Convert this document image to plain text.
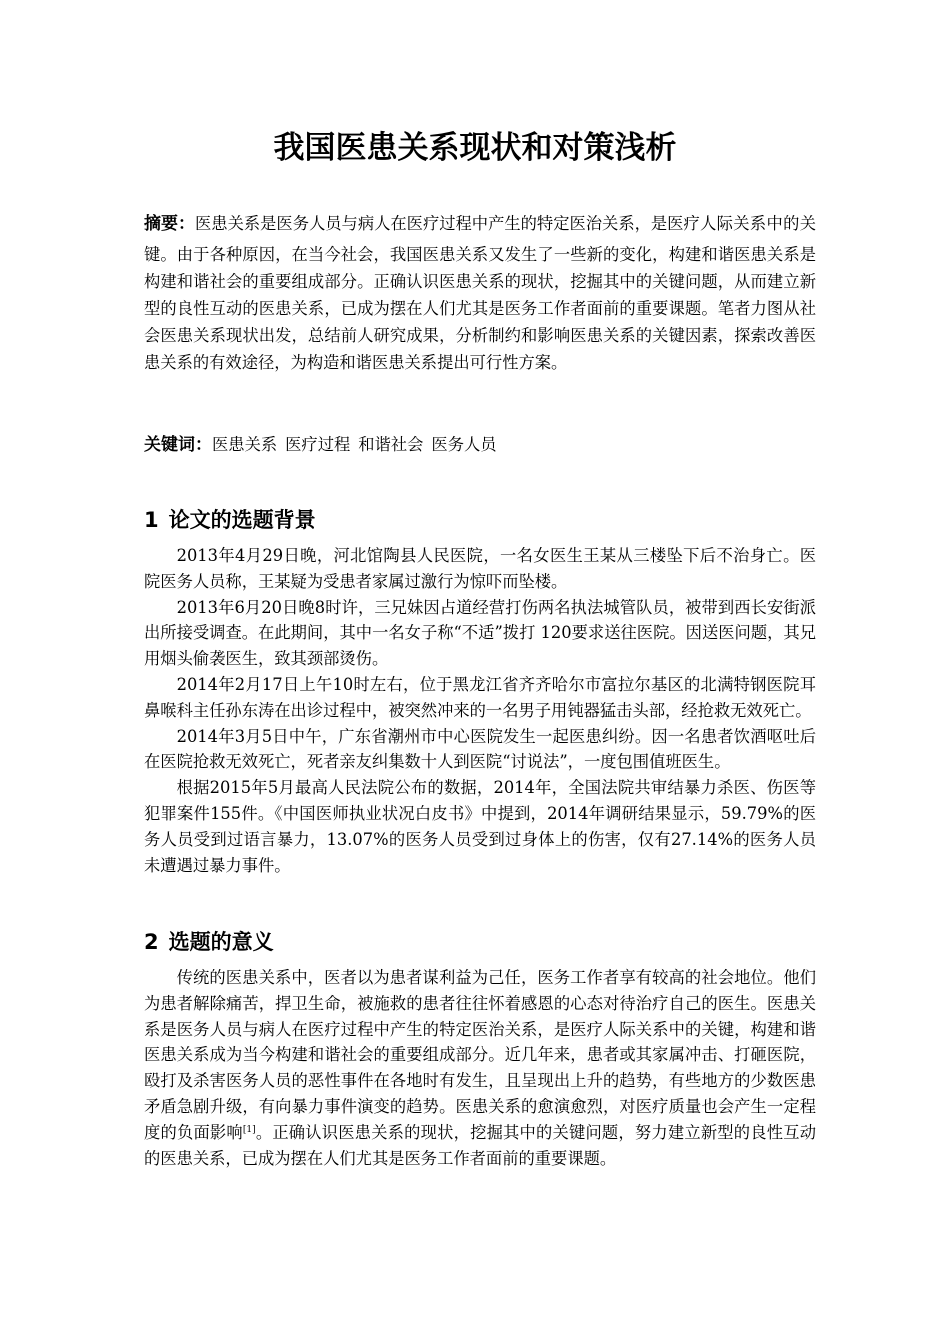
我国医患关系现状和对策浅析
摘要：医患关系是医务人员与病人在医疗过程中产生的特定医治关系，是医疗人际关系中的关键。由于各种原因，在当今社会，我国医患关系又发生了一些新的变化，构建和谐医患关系是构建和谐社会的重要组成部分。正确认识医患关系的现状，挖掘其中的关键问题，从而建立新型的良性互动的医患关系，已成为摆在人们尤其是医务工作者面前的重要课题。笔者力图从社会医患关系现状出发，总结前人研究成果，分析制约和影响医患关系的关键因素，探索改善医患关系的有效途径，为构造和谐医患关系提出可行性方案。
关键词：医患关系 医疗过程 和谐社会 医务人员
1 论文的选题背景

2013年4月29日晚，河北馆陶县人民医院，一名女医生王某从三楼坠下后不治身亡。医院医务人员称，王某疑为受患者家属过激行为惊吓而坠楼。

2013年6月20日晚8时许，三兄妹因占道经营打伤两名执法城管队员，被带到西长安街派出所接受调查。在此期间，其中一名女子称“不适”拨打 120要求送往医院。因送医问题，其兄用烟头偷袭医生，致其颈部烫伤。

2014年2月17日上午10时左右，位于黑龙江省齐齐哈尔市富拉尔基区的北满特钢医院耳鼻喉科主任孙东涛在出诊过程中，被突然冲来的一名男子用钝器猛击头部，经抢救无效死亡。

2014年3月5日中午，广东省潮州市中心医院发生一起医患纠纷。因一名患者饮酒呕吐后在医院抢救无效死亡，死者亲友纠集数十人到医院“讨说法”，一度包围值班医生。

根据2015年5月最高人民法院公布的数据，2014年，全国法院共审结暴力杀医、伤医等犯罪案件155件。《中国医师执业状况白皮书》中提到，2014年调研结果显示，59.79%的医务人员受到过语言暴力，13.07%的医务人员受到过身体上的伤害，仅有27.14%的医务人员未遭遇过暴力事件。

2 选题的意义

传统的医患关系中，医者以为患者谋利益为己任，医务工作者享有较高的社会地位。他们为患者解除痛苦，捍卫生命，被施救的患者往往怀着感恩的心态对待治疗自己的医生。医患关系是医务人员与病人在医疗过程中产生的特定医治关系，是医疗人际关系中的关键，构建和谐医患关系成为当今构建和谐社会的重要组成部分。近几年来，患者或其家属冲击、打砸医院，殴打及杀害医务人员的恶性事件在各地时有发生，且呈现出上升的趋势，有些地方的少数医患矛盾急剧升级，有向暴力事件演变的趋势。医患关系的愈演愈烈，对医疗质量也会产生一定程度的负面影响[1]。正确认识医患关系的现状，挖掘其中的关键问题，努力建立新型的良性互动的医患关系，已成为摆在人们尤其是医务工作者面前的重要课题。
